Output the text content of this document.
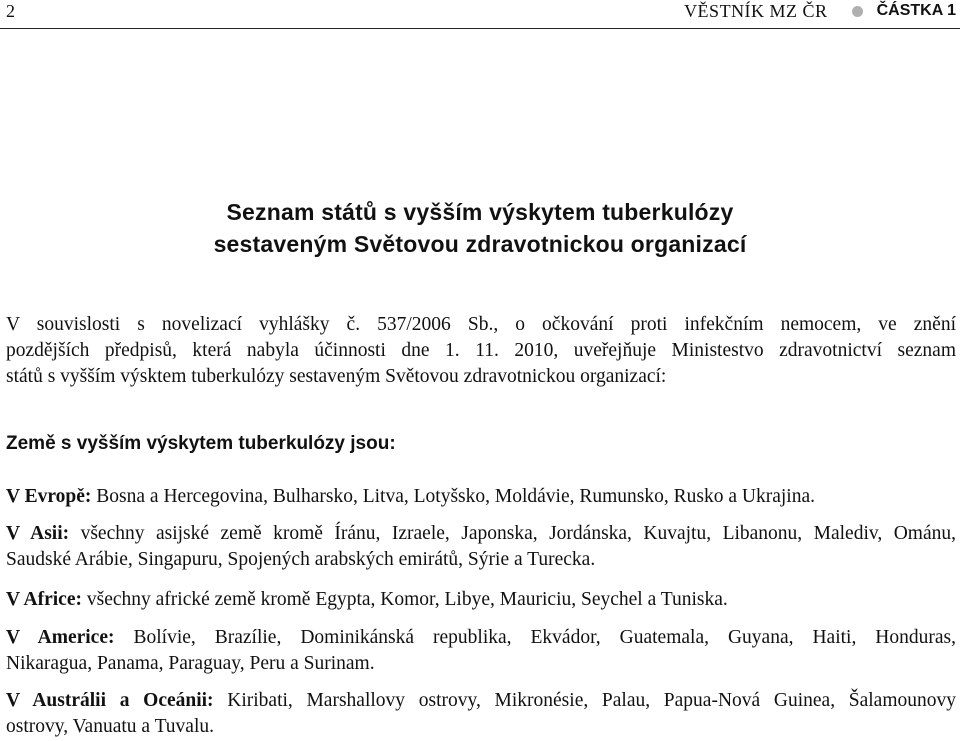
2	VĚSTNÍK MZ ČR	ČÁSTKA 1
Seznam států s vyšším výskytem tuberkulózy
sestaveným Světovou zdravotnickou organizací
V souvislosti s novelizací vyhlášky č. 537/2006 Sb., o očkování proti infekčním nemocem, ve znění
pozdějších předpisů, která nabyla účinnosti dne 1. 11. 2010, uveřejňuje Ministestvo zdravotnictví seznam
států s vyšším výsktem tuberkulózy sestaveným Světovou zdravotnickou organizací:
Země s vyšším výskytem tuberkulózy jsou:
V Evropě: Bosna a Hercegovina, Bulharsko, Litva, Lotyšsko, Moldávie, Rumunsko, Rusko a Ukrajina.
V Asii: všechny asijské země kromě Íránu, Izraele, Japonska, Jordánska, Kuvajtu, Libanonu, Malediv, Ománu,
Saudské Arábie, Singapuru, Spojených arabských emirátů, Sýrie a Turecka.
V Africe: všechny africké země kromě Egypta, Komor, Libye, Mauriciu, Seychel a Tuniska.
V Americe: Bolívie, Brazílie, Dominikánská republika, Ekvádor, Guatemala, Guyana, Haiti, Honduras,
Nikaragua, Panama, Paraguay, Peru a Surinam.
V Austrálii a Oceánii: Kiribati, Marshallovy ostrovy, Mikronésie, Palau, Papua-Nová Guinea, Šalamounovy
ostrovy, Vanuatu a Tuvalu.
